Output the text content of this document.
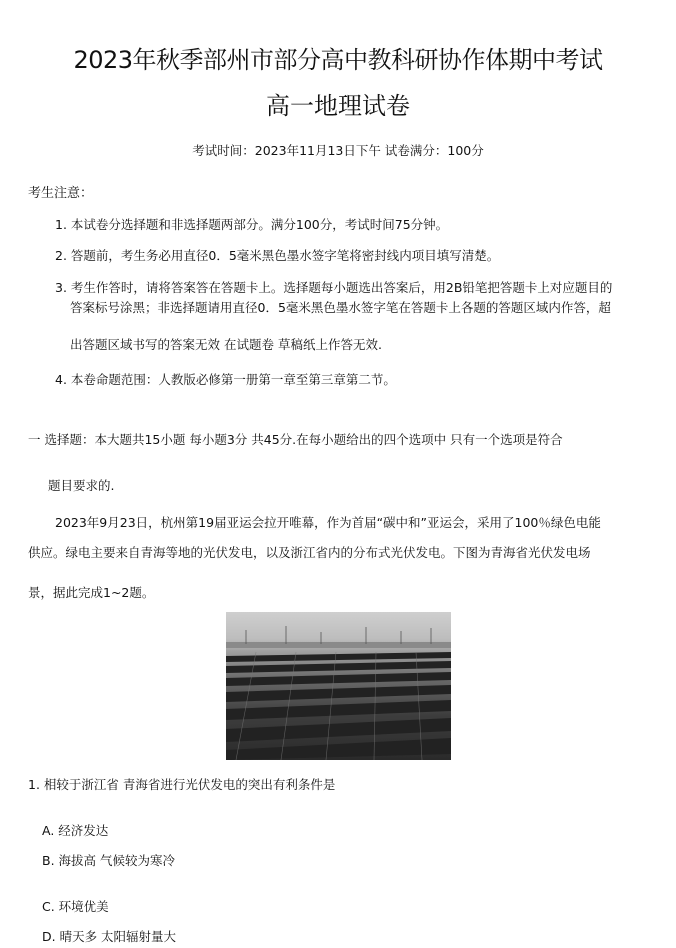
2023年秋季部州市部分高中教科研协作体期中考试
高一地理试卷
考试时间：2023年11月13日下午 试卷满分：100分
考生注意：
1. 本试卷分选择题和非选择题两部分。满分100分，考试时间75分钟。
2. 答题前，考生务必用直径0．5毫米黑色墨水签字笔将密封线内项目填写清楚。
3. 考生作答时，请将答案答在答题卡上。选择题每小题选出答案后，用2B铅笔把答题卡上对应题目的
答案标号涂黑；非选择题请用直径0．5毫米黑色墨水签字笔在答题卡上各题的答题区域内作答，超
出答题区域书写的答案无效 在试题卷 草稿纸上作答无效.
4. 本卷命题范围：人教版必修第一册第一章至第三章第二节。
一 选择题：本大题共15小题 每小题3分 共45分.在每小题给出的四个选项中 只有一个选项是符合
题目要求的.
2023年9月23日，杭州第19届亚运会拉开唯幕，作为首届“碳中和”亚运会，采用了100％绿色电能
供应。绿电主要来自青海等地的光伏发电，以及浙江省内的分布式光伏发电。下图为青海省光伏发电场
景，据此完成1~2题。
1. 相较于浙江省 青海省进行光伏发电的突出有利条件是
A. 经济发达
B. 海拔高 气候较为寒冷
C. 环境优美
D. 晴天多 太阳辐射量大
